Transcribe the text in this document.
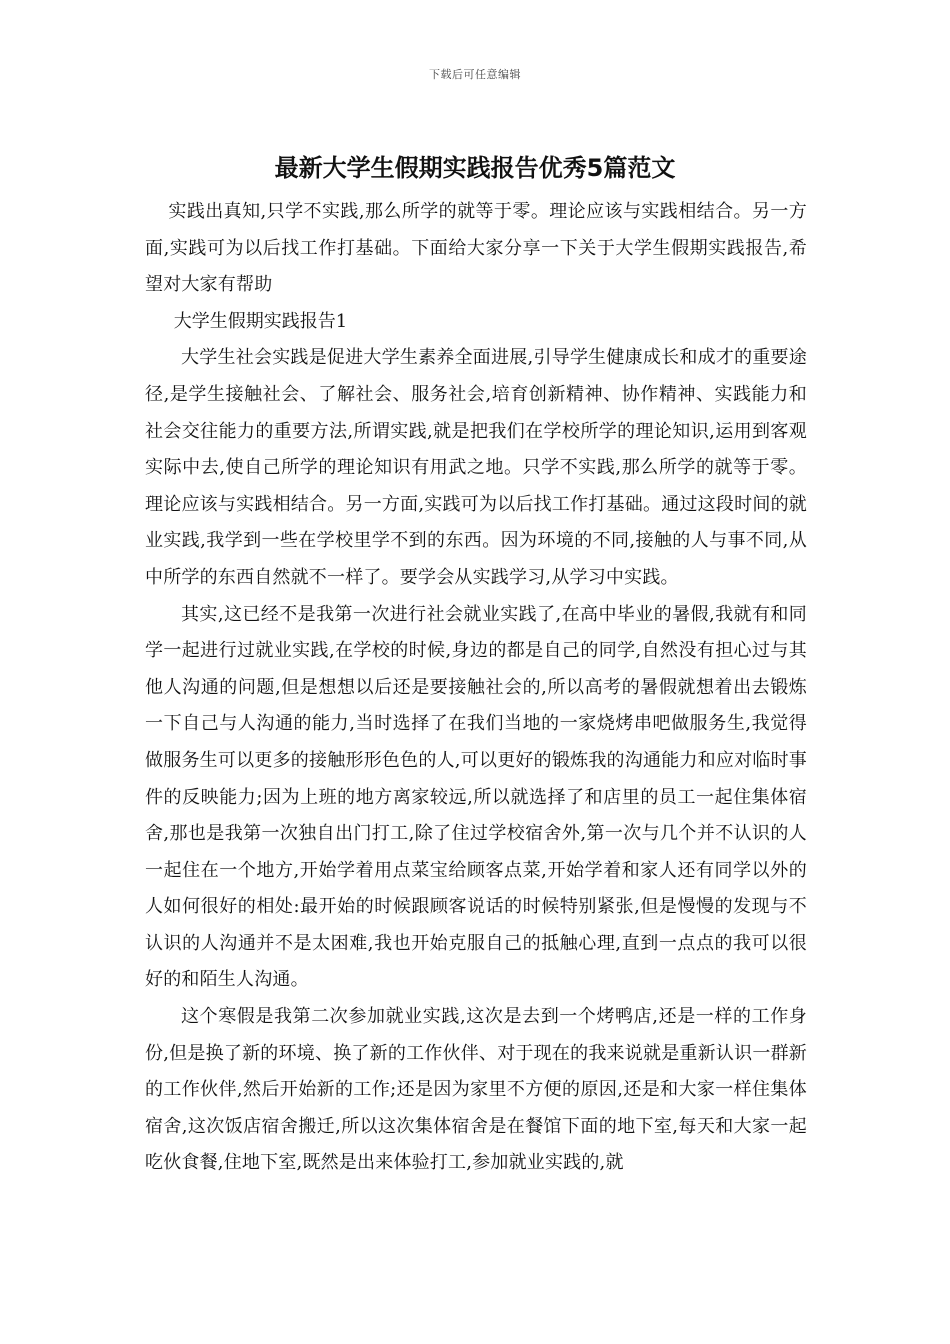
下载后可任意编辑
最新大学生假期实践报告优秀5篇范文

实践出真知,只学不实践,那么所学的就等于零。理论应该与实践相结合。另一方面,实践可为以后找工作打基础。下面给大家分享一下关于大学生假期实践报告,希望对大家有帮助

大学生假期实践报告1

大学生社会实践是促进大学生素养全面进展,引导学生健康成长和成才的重要途径,是学生接触社会、了解社会、服务社会,培育创新精神、协作精神、实践能力和社会交往能力的重要方法,所谓实践,就是把我们在学校所学的理论知识,运用到客观实际中去,使自己所学的理论知识有用武之地。只学不实践,那么所学的就等于零。理论应该与实践相结合。另一方面,实践可为以后找工作打基础。通过这段时间的就业实践,我学到一些在学校里学不到的东西。因为环境的不同,接触的人与事不同,从中所学的东西自然就不一样了。要学会从实践学习,从学习中实践。

其实,这已经不是我第一次进行社会就业实践了,在高中毕业的暑假,我就有和同学一起进行过就业实践,在学校的时候,身边的都是自己的同学,自然没有担心过与其他人沟通的问题,但是想想以后还是要接触社会的,所以高考的暑假就想着出去锻炼一下自己与人沟通的能力,当时选择了在我们当地的一家烧烤串吧做服务生,我觉得做服务生可以更多的接触形形色色的人,可以更好的锻炼我的沟通能力和应对临时事件的反映能力;因为上班的地方离家较远,所以就选择了和店里的员工一起住集体宿舍,那也是我第一次独自出门打工,除了住过学校宿舍外,第一次与几个并不认识的人一起住在一个地方,开始学着用点菜宝给顾客点菜,开始学着和家人还有同学以外的人如何很好的相处:最开始的时候跟顾客说话的时候特别紧张,但是慢慢的发现与不认识的人沟通并不是太困难,我也开始克服自己的抵触心理,直到一点点的我可以很好的和陌生人沟通。

这个寒假是我第二次参加就业实践,这次是去到一个烤鸭店,还是一样的工作身份,但是换了新的环境、换了新的工作伙伴、对于现在的我来说就是重新认识一群新的工作伙伴,然后开始新的工作;还是因为家里不方便的原因,还是和大家一样住集体宿舍,这次饭店宿舍搬迁,所以这次集体宿舍是在餐馆下面的地下室,每天和大家一起吃伙食餐,住地下室,既然是出来体验打工,参加就业实践的,就
